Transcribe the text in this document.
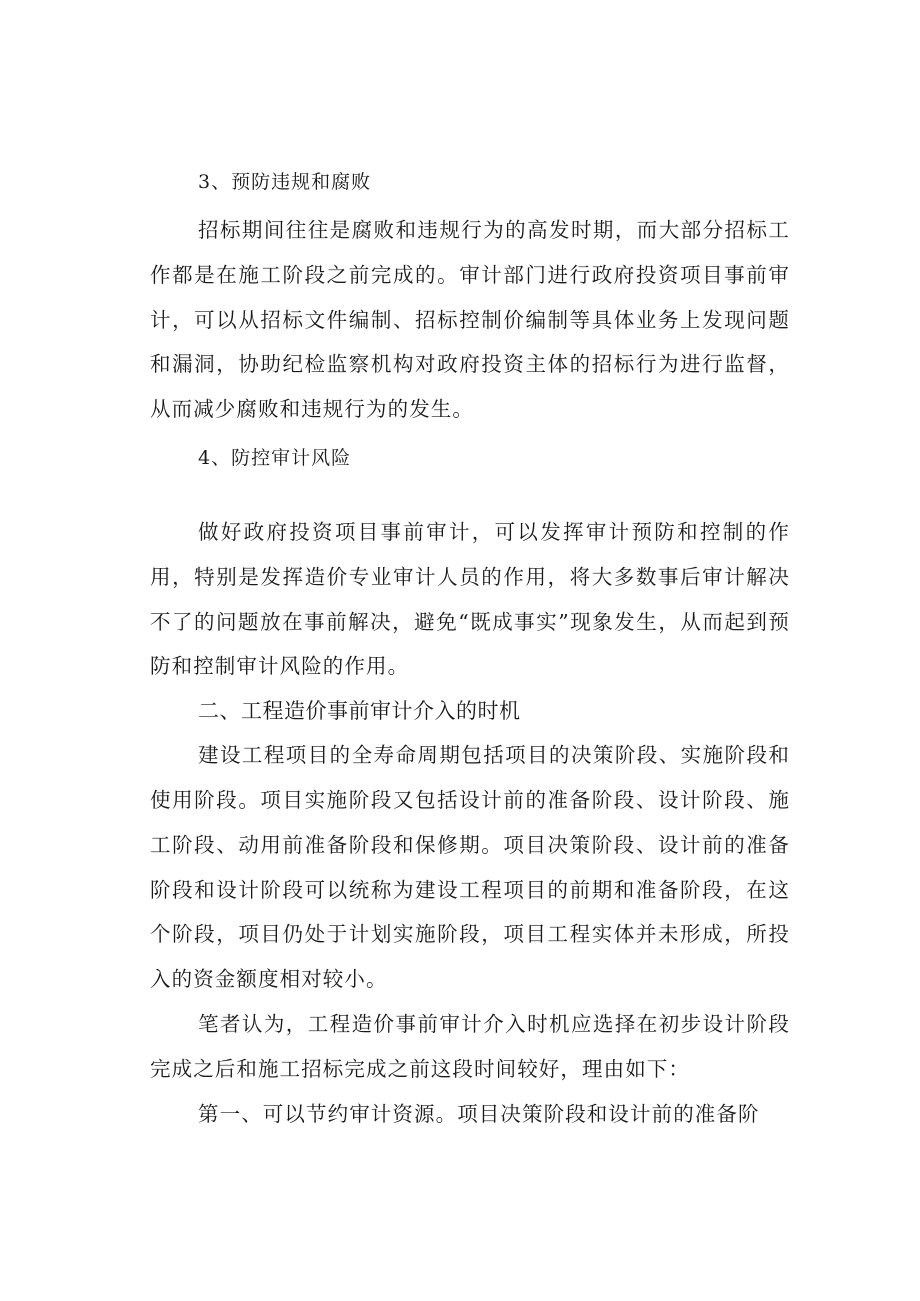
3、预防违规和腐败

招标期间往往是腐败和违规行为的高发时期，而大部分招标工作都是在施工阶段之前完成的。审计部门进行政府投资项目事前审计，可以从招标文件编制、招标控制价编制等具体业务上发现问题和漏洞，协助纪检监察机构对政府投资主体的招标行为进行监督，从而减少腐败和违规行为的发生。

4、防控审计风险

做好政府投资项目事前审计，可以发挥审计预防和控制的作用，特别是发挥造价专业审计人员的作用，将大多数事后审计解决不了的问题放在事前解决，避免“既成事实”现象发生，从而起到预防和控制审计风险的作用。

二、工程造价事前审计介入的时机

建设工程项目的全寿命周期包括项目的决策阶段、实施阶段和使用阶段。项目实施阶段又包括设计前的准备阶段、设计阶段、施工阶段、动用前准备阶段和保修期。项目决策阶段、设计前的准备阶段和设计阶段可以统称为建设工程项目的前期和准备阶段，在这个阶段，项目仍处于计划实施阶段，项目工程实体并未形成，所投入的资金额度相对较小。

笔者认为，工程造价事前审计介入时机应选择在初步设计阶段完成之后和施工招标完成之前这段时间较好，理由如下：

第一、可以节约审计资源。项目决策阶段和设计前的准备阶
